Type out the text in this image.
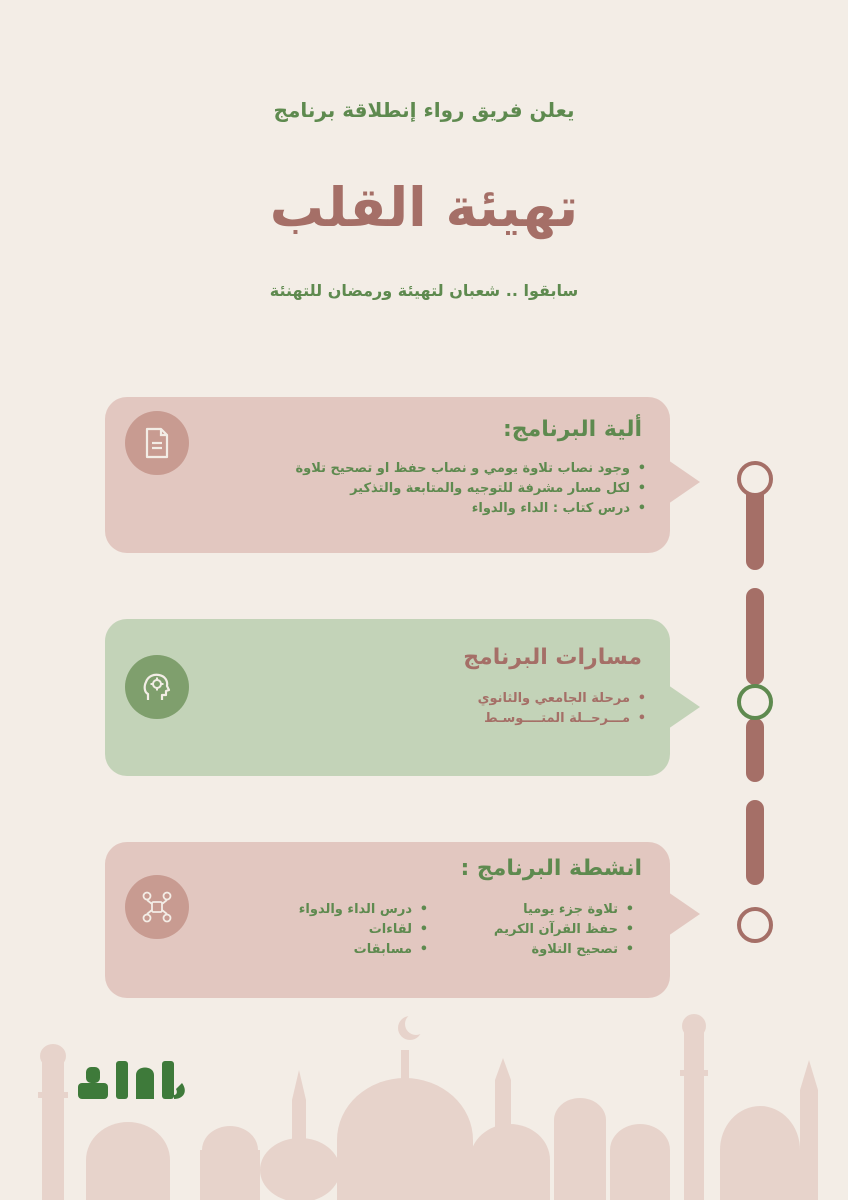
يعلن فريق رواء إنطلاقة برنامج
تهيئة القلب
سابقوا .. شعبان لتهيئة ورمضان للتهنئة
ألية البرنامج:
• وجود نصاب تلاوة يومي و نصاب حفظ او تصحيح تلاوة
• لكل مسار مشرفة للتوجيه والمتابعة والتذكير
• درس كتاب : الداء والدواء
مسارات البرنامج
• مرحلة الجامعي والثانوي
• مـــرحــلة المتــــوسـط
انشطة البرنامج :
• تلاوة جزء يوميا
• حفظ القرآن الكريم
• تصحيح التلاوة
• درس الداء والدواء
• لقاءات
• مسابقات
